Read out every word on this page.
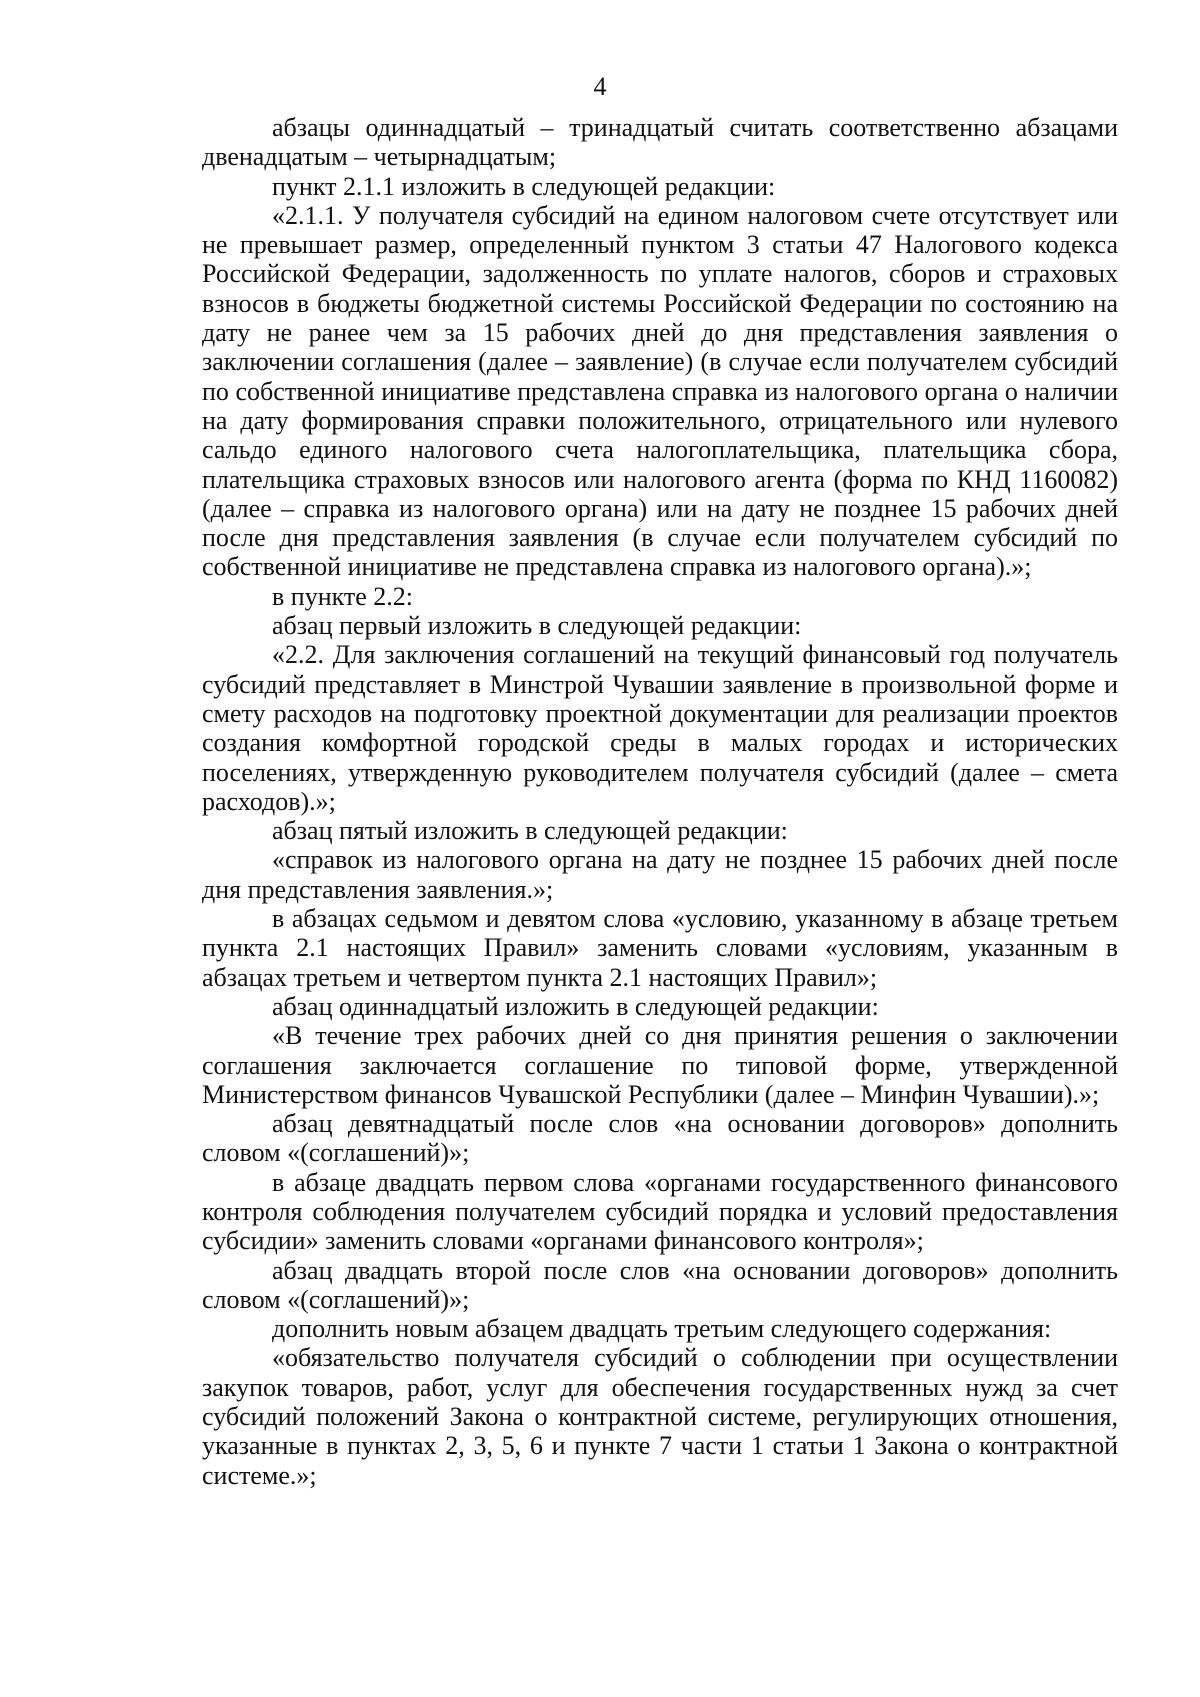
4

абзацы одиннадцатый – тринадцатый считать соответственно абзацами двенадцатым – четырнадцатым;

пункт 2.1.1 изложить в следующей редакции:

«2.1.1. У получателя субсидий на едином налоговом счете отсутствует или не превышает размер, определенный пунктом 3 статьи 47 Налогового кодекса Российской Федерации, задолженность по уплате налогов, сборов и страховых взносов в бюджеты бюджетной системы Российской Федерации по состоянию на дату не ранее чем за 15 рабочих дней до дня представления заявления о заключении соглашения (далее – заявление) (в случае если получателем субсидий по собственной инициативе представлена справка из налогового органа о наличии на дату формирования справки положительного, отрицательного или нулевого сальдо единого налогового счета налогоплательщика, плательщика сбора, плательщика страховых взносов или налогового агента (форма по КНД 1160082) (далее – справка из налогового органа) или на дату не позднее 15 рабочих дней после дня представления заявления (в случае если получателем субсидий по собственной инициативе не представлена справка из налогового органа).»;

в пункте 2.2:

абзац первый изложить в следующей редакции:

«2.2. Для заключения соглашений на текущий финансовый год получатель субсидий представляет в Минстрой Чувашии заявление в произвольной форме и смету расходов на подготовку проектной документации для реализации проектов создания комфортной городской среды в малых городах и исторических поселениях, утвержденную руководителем получателя субсидий (далее – смета расходов).»;

абзац пятый изложить в следующей редакции:

«справок из налогового органа на дату не позднее 15 рабочих дней после дня представления заявления.»;

в абзацах седьмом и девятом слова «условию, указанному в абзаце третьем пункта 2.1 настоящих Правил» заменить словами «условиям, указанным в абзацах третьем и четвертом пункта 2.1 настоящих Правил»;

абзац одиннадцатый изложить в следующей редакции:

«В течение трех рабочих дней со дня принятия решения о заключении соглашения заключается соглашение по типовой форме, утвержденной Министерством финансов Чувашской Республики (далее – Минфин Чувашии).»;

абзац девятнадцатый после слов «на основании договоров» дополнить словом «(соглашений)»;

в абзаце двадцать первом слова «органами государственного финансового контроля соблюдения получателем субсидий порядка и условий предоставления субсидии» заменить словами «органами финансового контроля»;

абзац двадцать второй после слов «на основании договоров» дополнить словом «(соглашений)»;

дополнить новым абзацем двадцать третьим следующего содержания:

«обязательство получателя субсидий о соблюдении при осуществлении закупок товаров, работ, услуг для обеспечения государственных нужд за счет субсидий положений Закона о контрактной системе, регулирующих отношения, указанные в пунктах 2, 3, 5, 6 и пункте 7 части 1 статьи 1 Закона о контрактной системе.»;
